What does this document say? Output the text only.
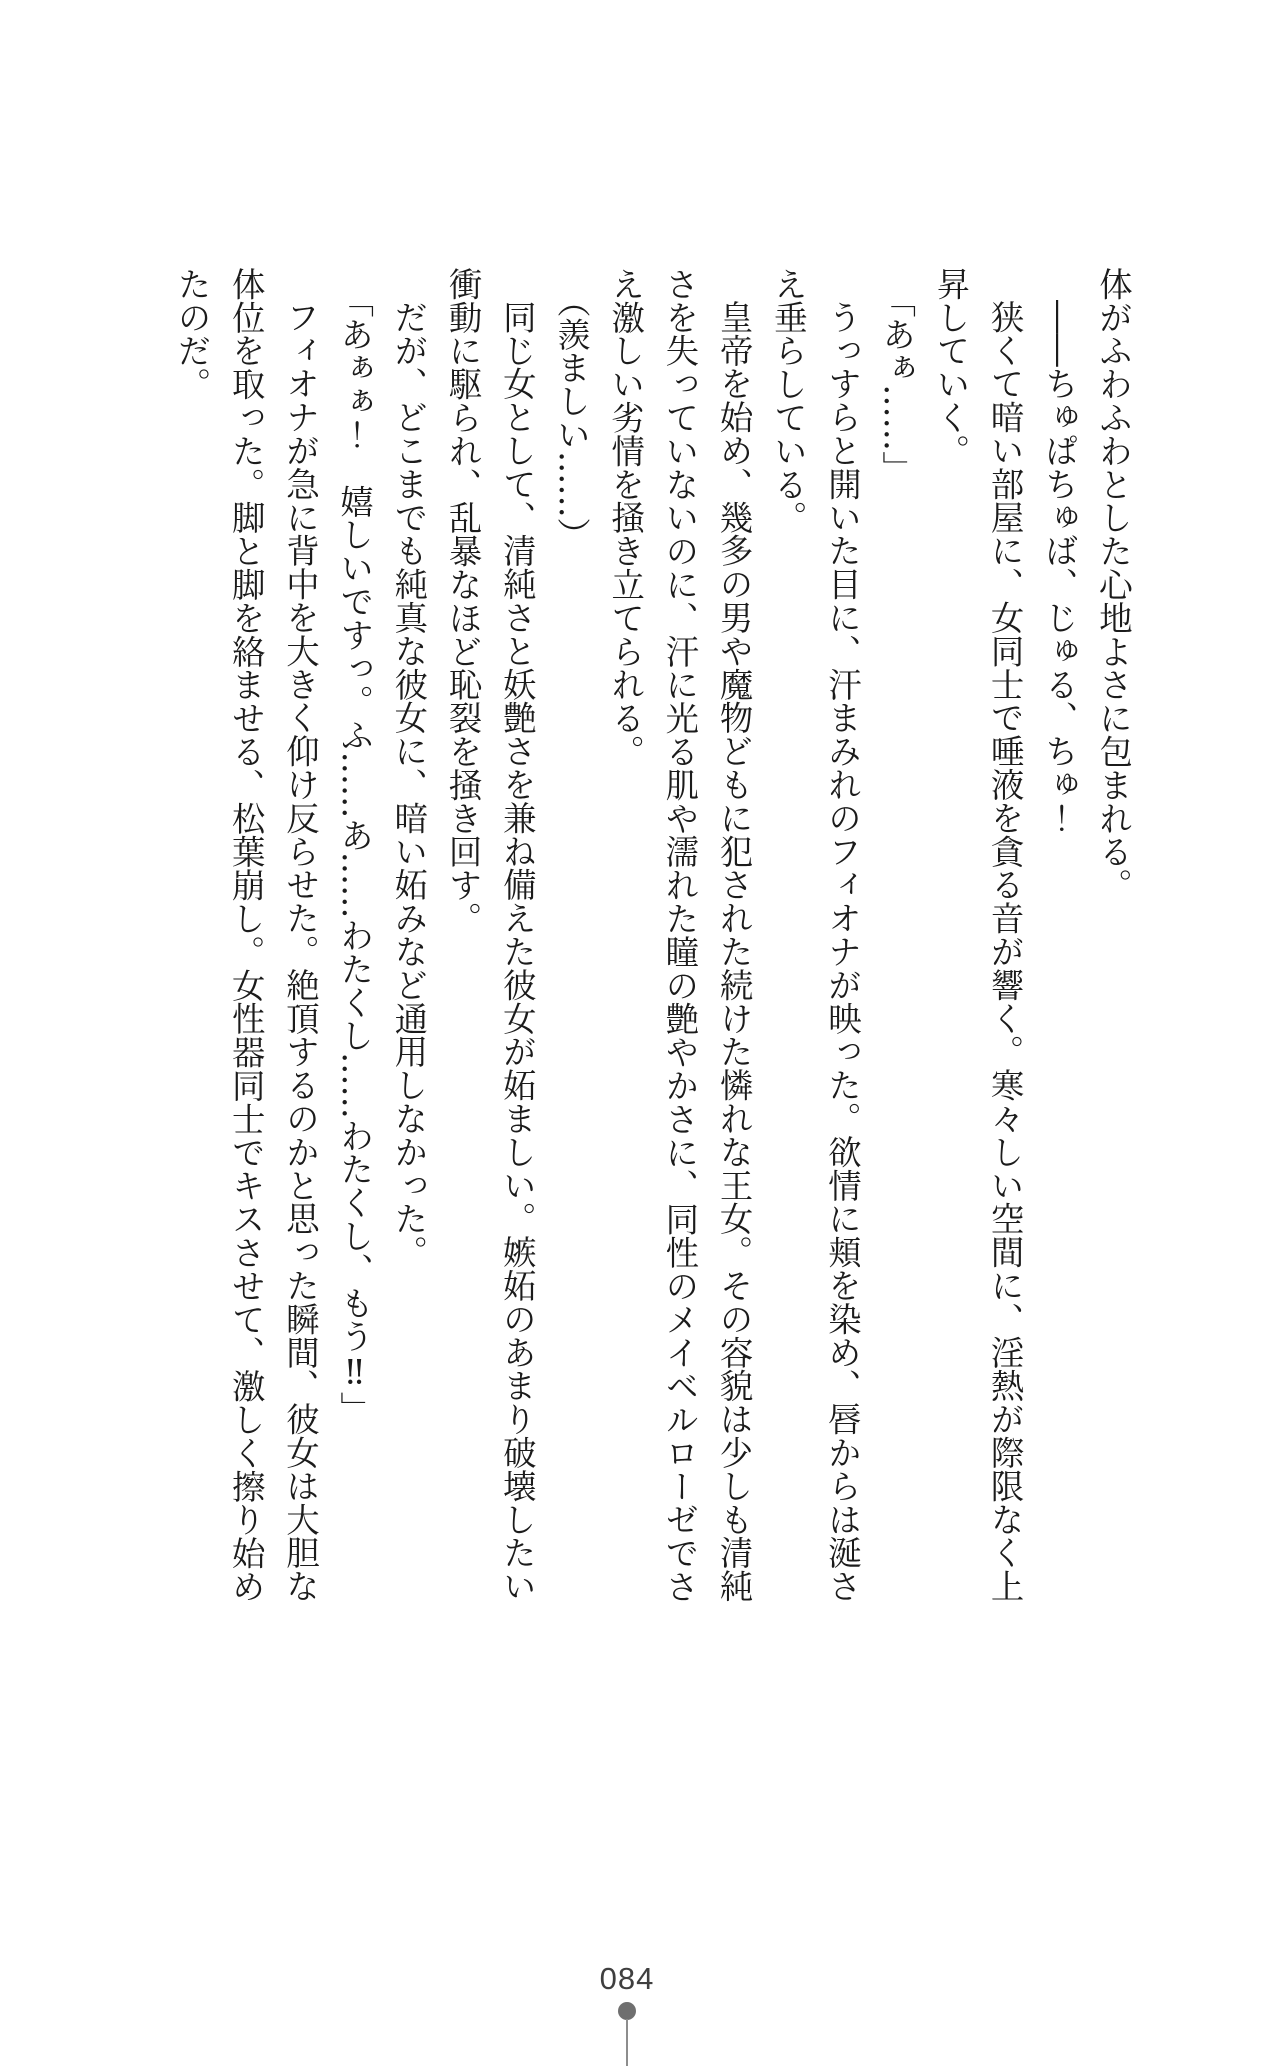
体がふわふわとした心地よさに包まれる。

――ちゅぱちゅば、じゅる、ちゅ！

狭くて暗い部屋に、女同士で唾液を貪る音が響く。寒々しい空間に、淫熱が際限なく上昇していく。

「あぁ……」

うっすらと開いた目に、汗まみれのフィオナが映った。欲情に頬を染め、唇からは涎さえ垂らしている。

皇帝を始め、幾多の男や魔物どもに犯された続けた憐れな王女。その容貌は少しも清純さを失っていないのに、汗に光る肌や濡れた瞳の艶やかさに、同性のメイベルローゼでさえ激しい劣情を掻き立てられる。

（羨ましい……）

同じ女として、清純さと妖艶さを兼ね備えた彼女が妬ましい。嫉妬のあまり破壊したい衝動に駆られ、乱暴なほど恥裂を掻き回す。

だが、どこまでも純真な彼女に、暗い妬みなど通用しなかった。

「あぁぁ！　嬉しいですっ。ふ……あ……わたくし……わたくし、もう‼」

フィオナが急に背中を大きく仰け反らせた。絶頂するのかと思った瞬間、彼女は大胆な体位を取った。脚と脚を絡ませる、松葉崩し。女性器同士でキスさせて、激しく擦り始めたのだ。

084
